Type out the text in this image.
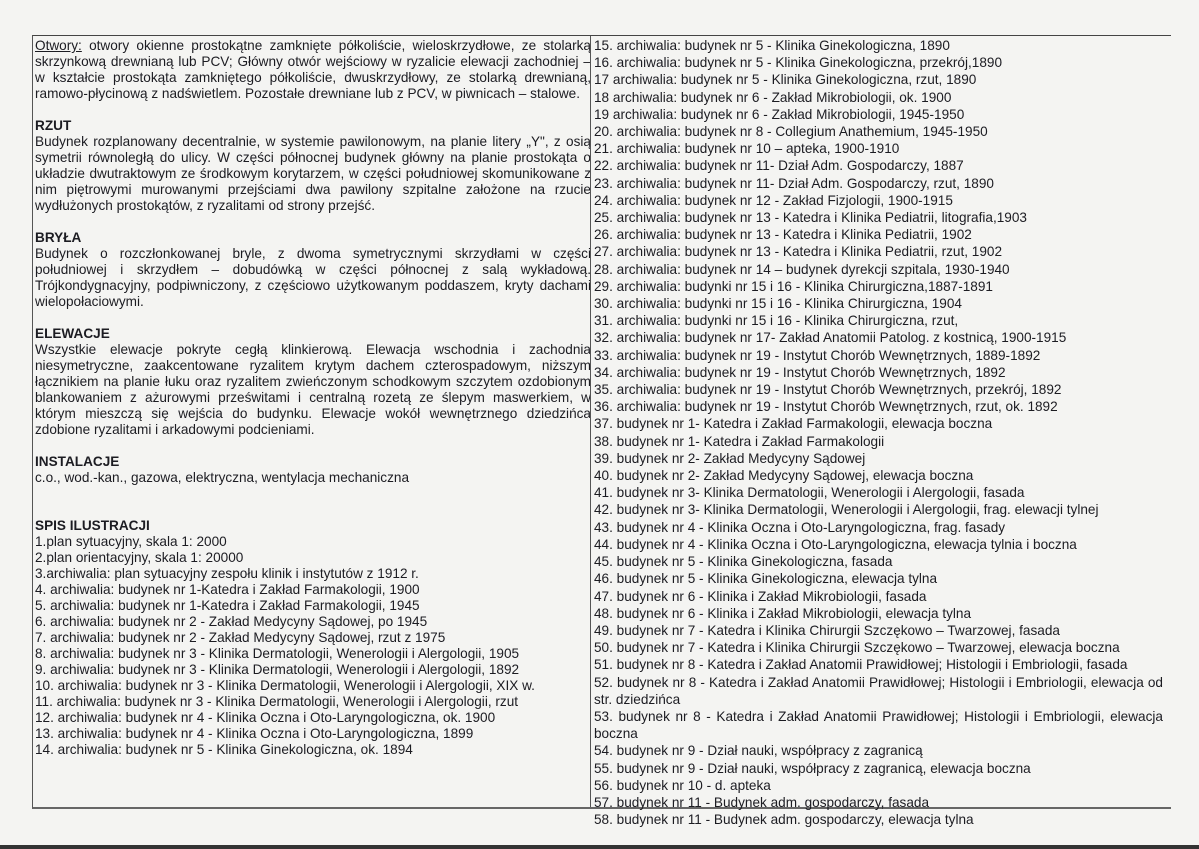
Otwory: otwory okienne prostokątne zamknięte półkoliście, wieloskrzydłowe, ze stolarką skrzynkową drewnianą lub PCV; Główny otwór wejściowy w ryzalicie elewacji zachodniej – w kształcie prostokąta zamkniętego półkoliście, dwuskrzydłowy, ze stolarką drewnianą, ramowo-płycinową z nadświetlem. Pozostałe drewniane lub z PCV, w piwnicach – stalowe.

RZUT

Budynek rozplanowany decentralnie, w systemie pawilonowym, na planie litery „Y", z osią symetrii równoległą do ulicy. W części północnej budynek główny na planie prostokąta o układzie dwutraktowym ze środkowym korytarzem, w części południowej skomunikowane z nim piętrowymi murowanymi przejściami dwa pawilony szpitalne założone na rzucie wydłużonych prostokątów, z ryzalitami od strony przejść.

BRYŁA

Budynek o rozczłonkowanej bryle, z dwoma symetrycznymi skrzydłami w części południowej i skrzydłem – dobudówką w części północnej z salą wykładową. Trójkondygnacyjny, podpiwniczony, z częściowo użytkowanym poddaszem, kryty dachami wielopołaciowymi.

ELEWACJE

Wszystkie elewacje pokryte cegłą klinkierową. Elewacja wschodnia i zachodnia niesymetryczne, zaakcentowane ryzalitem krytym dachem czterospadowym, niższym łącznikiem na planie łuku oraz ryzalitem zwieńczonym schodkowym szczytem ozdobionym blankowaniem z ażurowymi prześwitami i centralną rozetą ze ślepym maswerkiem, w którym mieszczą się wejścia do budynku. Elewacje wokół wewnętrznego dziedzińca zdobione ryzalitami i arkadowymi podcieniami.

INSTALACJE

c.o., wod.-kan., gazowa, elektryczna, wentylacja mechaniczna

SPIS ILUSTRACJI

1.plan sytuacyjny, skala 1: 2000
2.plan orientacyjny, skala 1: 20000
3.archiwalia: plan sytuacyjny zespołu klinik i instytutów z 1912 r.
4. archiwalia: budynek nr 1-Katedra i Zakład Farmakologii, 1900
5. archiwalia: budynek nr 1-Katedra i Zakład Farmakologii, 1945
6. archiwalia: budynek nr 2 - Zakład Medycyny Sądowej, po 1945
7. archiwalia: budynek nr 2 - Zakład Medycyny Sądowej, rzut z 1975
8. archiwalia: budynek nr 3 - Klinika Dermatologii, Wenerologii i Alergologii, 1905
9. archiwalia: budynek nr 3 - Klinika Dermatologii, Wenerologii i Alergologii, 1892
10. archiwalia: budynek nr 3 - Klinika Dermatologii, Wenerologii i Alergologii, XIX w.
11. archiwalia: budynek nr 3 - Klinika Dermatologii, Wenerologii i Alergologii, rzut
12. archiwalia: budynek nr 4 - Klinika Oczna i Oto-Laryngologiczna, ok. 1900
13. archiwalia: budynek nr 4 - Klinika Oczna i Oto-Laryngologiczna, 1899
14. archiwalia: budynek nr 5 - Klinika Ginekologiczna, ok. 1894
15. archiwalia: budynek nr 5 - Klinika Ginekologiczna, 1890
16. archiwalia: budynek nr 5 - Klinika Ginekologiczna, przekrój,1890
17 archiwalia: budynek nr 5 - Klinika Ginekologiczna, rzut, 1890
18 archiwalia: budynek nr 6 - Zakład Mikrobiologii, ok. 1900
19 archiwalia: budynek nr 6 - Zakład Mikrobiologii, 1945-1950
20. archiwalia: budynek nr 8 - Collegium Anathemium, 1945-1950
21. archiwalia: budynek nr 10 – apteka, 1900-1910
22. archiwalia: budynek nr 11- Dział Adm. Gospodarczy, 1887
23. archiwalia: budynek nr 11- Dział Adm. Gospodarczy, rzut, 1890
24. archiwalia: budynek nr 12 - Zakład Fizjologii, 1900-1915
25. archiwalia: budynek nr 13 - Katedra i Klinika Pediatrii, litografia,1903
26. archiwalia: budynek nr 13 - Katedra i Klinika Pediatrii, 1902
27. archiwalia: budynek nr 13 - Katedra i Klinika Pediatrii, rzut, 1902
28. archiwalia: budynek nr 14 – budynek dyrekcji szpitala, 1930-1940
29. archiwalia: budynki nr 15 i 16 - Klinika Chirurgiczna,1887-1891
30. archiwalia: budynki nr 15 i 16 - Klinika Chirurgiczna, 1904
31. archiwalia: budynki nr 15 i 16 - Klinika Chirurgiczna, rzut,
32. archiwalia: budynek nr 17- Zakład Anatomii Patolog. z kostnicą, 1900-1915
33. archiwalia: budynek nr 19 - Instytut Chorób Wewnętrznych, 1889-1892
34. archiwalia: budynek nr 19 - Instytut Chorób Wewnętrznych, 1892
35. archiwalia: budynek nr 19 - Instytut Chorób Wewnętrznych, przekrój, 1892
36. archiwalia: budynek nr 19 - Instytut Chorób Wewnętrznych, rzut, ok. 1892
37. budynek nr 1- Katedra i Zakład Farmakologii, elewacja boczna
38. budynek nr 1- Katedra i Zakład Farmakologii
39. budynek nr 2- Zakład Medycyny Sądowej
40. budynek nr 2- Zakład Medycyny Sądowej, elewacja boczna
41. budynek nr 3- Klinika Dermatologii, Wenerologii i Alergologii, fasada
42. budynek nr 3- Klinika Dermatologii, Wenerologii i Alergologii, frag. elewacji tylnej
43. budynek nr 4 - Klinika Oczna i Oto-Laryngologiczna, frag. fasady
44. budynek nr 4 - Klinika Oczna i Oto-Laryngologiczna, elewacja tylnia i boczna
45. budynek nr 5 - Klinika Ginekologiczna, fasada
46. budynek nr 5 - Klinika Ginekologiczna, elewacja tylna
47. budynek nr 6 - Klinika i Zakład Mikrobiologii, fasada
48. budynek nr 6 - Klinika i Zakład Mikrobiologii, elewacja tylna
49. budynek nr 7 - Katedra i Klinika Chirurgii Szczękowo – Twarzowej, fasada
50. budynek nr 7 - Katedra i Klinika Chirurgii Szczękowo – Twarzowej, elewacja boczna
51. budynek nr 8 - Katedra i Zakład Anatomii Prawidłowej; Histologii i Embriologii, fasada
52. budynek nr 8 - Katedra i Zakład Anatomii Prawidłowej; Histologii i Embriologii, elewacja od str. dziedzińca
53. budynek nr 8 - Katedra i Zakład Anatomii Prawidłowej; Histologii i Embriologii, elewacja boczna
54. budynek nr 9 - Dział nauki, współpracy z zagranicą
55. budynek nr 9 - Dział nauki, współpracy z zagranicą, elewacja boczna
56. budynek nr 10 - d. apteka
57. budynek nr 11 - Budynek adm. gospodarczy, fasada
58. budynek nr 11 - Budynek adm. gospodarczy, elewacja tylna
